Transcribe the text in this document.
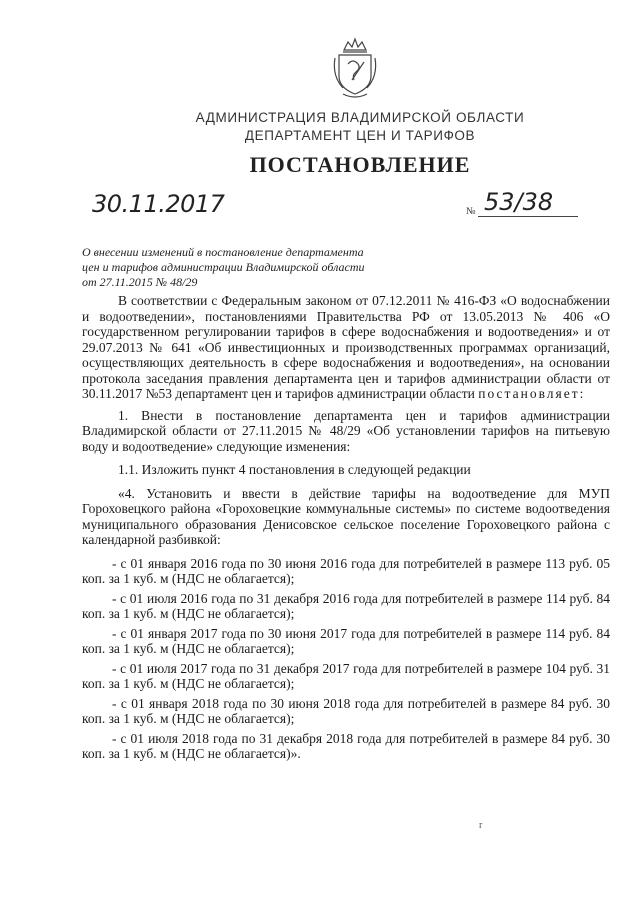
АДМИНИСТРАЦИЯ ВЛАДИМИРСКОЙ ОБЛАСТИ
ДЕПАРТАМЕНТ ЦЕН И ТАРИФОВ
ПОСТАНОВЛЕНИЕ
30.11.2017	№ 53/38
О внесении изменений в постановление департамента
цен и тарифов администрации Владимирской области
от 27.11.2015 № 48/29

В соответствии с Федеральным законом от 07.12.2011 № 416-ФЗ «О водоснабжении и водоотведении», постановлениями Правительства РФ от 13.05.2013 № 406 «О государственном регулировании тарифов в сфере водоснабжения и водоотведения» и от 29.07.2013 № 641 «Об инвестиционных и производственных программах организаций, осуществляющих деятельность в сфере водоснабжения и водоотведения», на основании протокола заседания правления департамента цен и тарифов администрации области от 30.11.2017 №53 департамент цен и тарифов администрации области постановляет:

1. Внести в постановление департамента цен и тарифов администрации Владимирской области от 27.11.2015 № 48/29 «Об установлении тарифов на питьевую воду и водоотведение» следующие изменения:

1.1. Изложить пункт 4 постановления в следующей редакции

«4. Установить и ввести в действие тарифы на водоотведение для МУП Гороховецкого района «Гороховецкие коммунальные системы» по системе водоотведения муниципального образования Денисовское сельское поселение Гороховецкого района с календарной разбивкой:

- с 01 января 2016 года по 30 июня 2016 года для потребителей в размере 113 руб. 05 коп. за 1 куб. м (НДС не облагается);

- с 01 июля 2016 года по 31 декабря 2016 года для потребителей в размере 114 руб. 84 коп. за 1 куб. м (НДС не облагается);

- с 01 января 2017 года по 30 июня 2017 года для потребителей в размере 114 руб. 84 коп. за 1 куб. м (НДС не облагается);

- с 01 июля 2017 года по 31 декабря 2017 года для потребителей в размере 104 руб. 31 коп. за 1 куб. м (НДС не облагается);

- с 01 января 2018 года по 30 июня 2018 года для потребителей в размере 84 руб. 30 коп. за 1 куб. м (НДС не облагается);

- с 01 июля 2018 года по 31 декабря 2018 года для потребителей в размере 84 руб. 30 коп. за 1 куб. м (НДС не облагается)».

r
